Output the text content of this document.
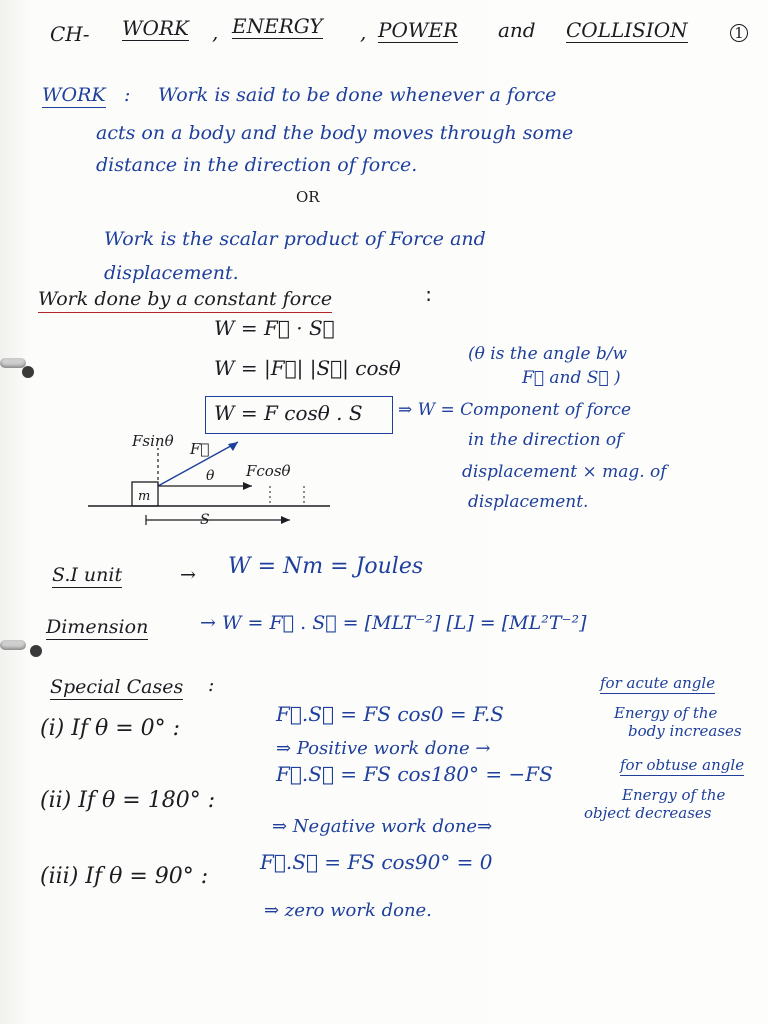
CH- WORK , ENERGY , POWER and COLLISION	1
WORK : Work is said to be done whenever a force
acts on a body and the body moves through some
distance in the direction of force.
OR
Work is the scalar product of Force and
displacement.
Work done by a constant force	∶
W = F⃗ · S⃗
W = |F⃗| |S⃗| cosθ
(θ is the angle b/w
F⃗ and S⃗ )
W = F cosθ . S ⇒ W = Component of force
in the direction of
displacement × mag. of
displacement.
Fsinθ F⃗
θ Fcosθ
m
S
S.I unit	→ W = Nm = Joules
Dimension	→ W = F⃗ . S⃗ = [MLT⁻²] [L] = [ML²T⁻²]
Special Cases :
(i) If θ = 0° :
F⃗.S⃗ = FS cos0 = F.S
for acute angle
⇒ Positive work done →
Energy of the
body increases
(ii) If θ = 180° :
F⃗.S⃗ = FS cos180° = −FS	for obtuse angle
⇒ Negative work done⇒
Energy of the
object decreases
(iii) If θ = 90° :
F⃗.S⃗ = FS cos90° = 0
⇒ zero work done.
